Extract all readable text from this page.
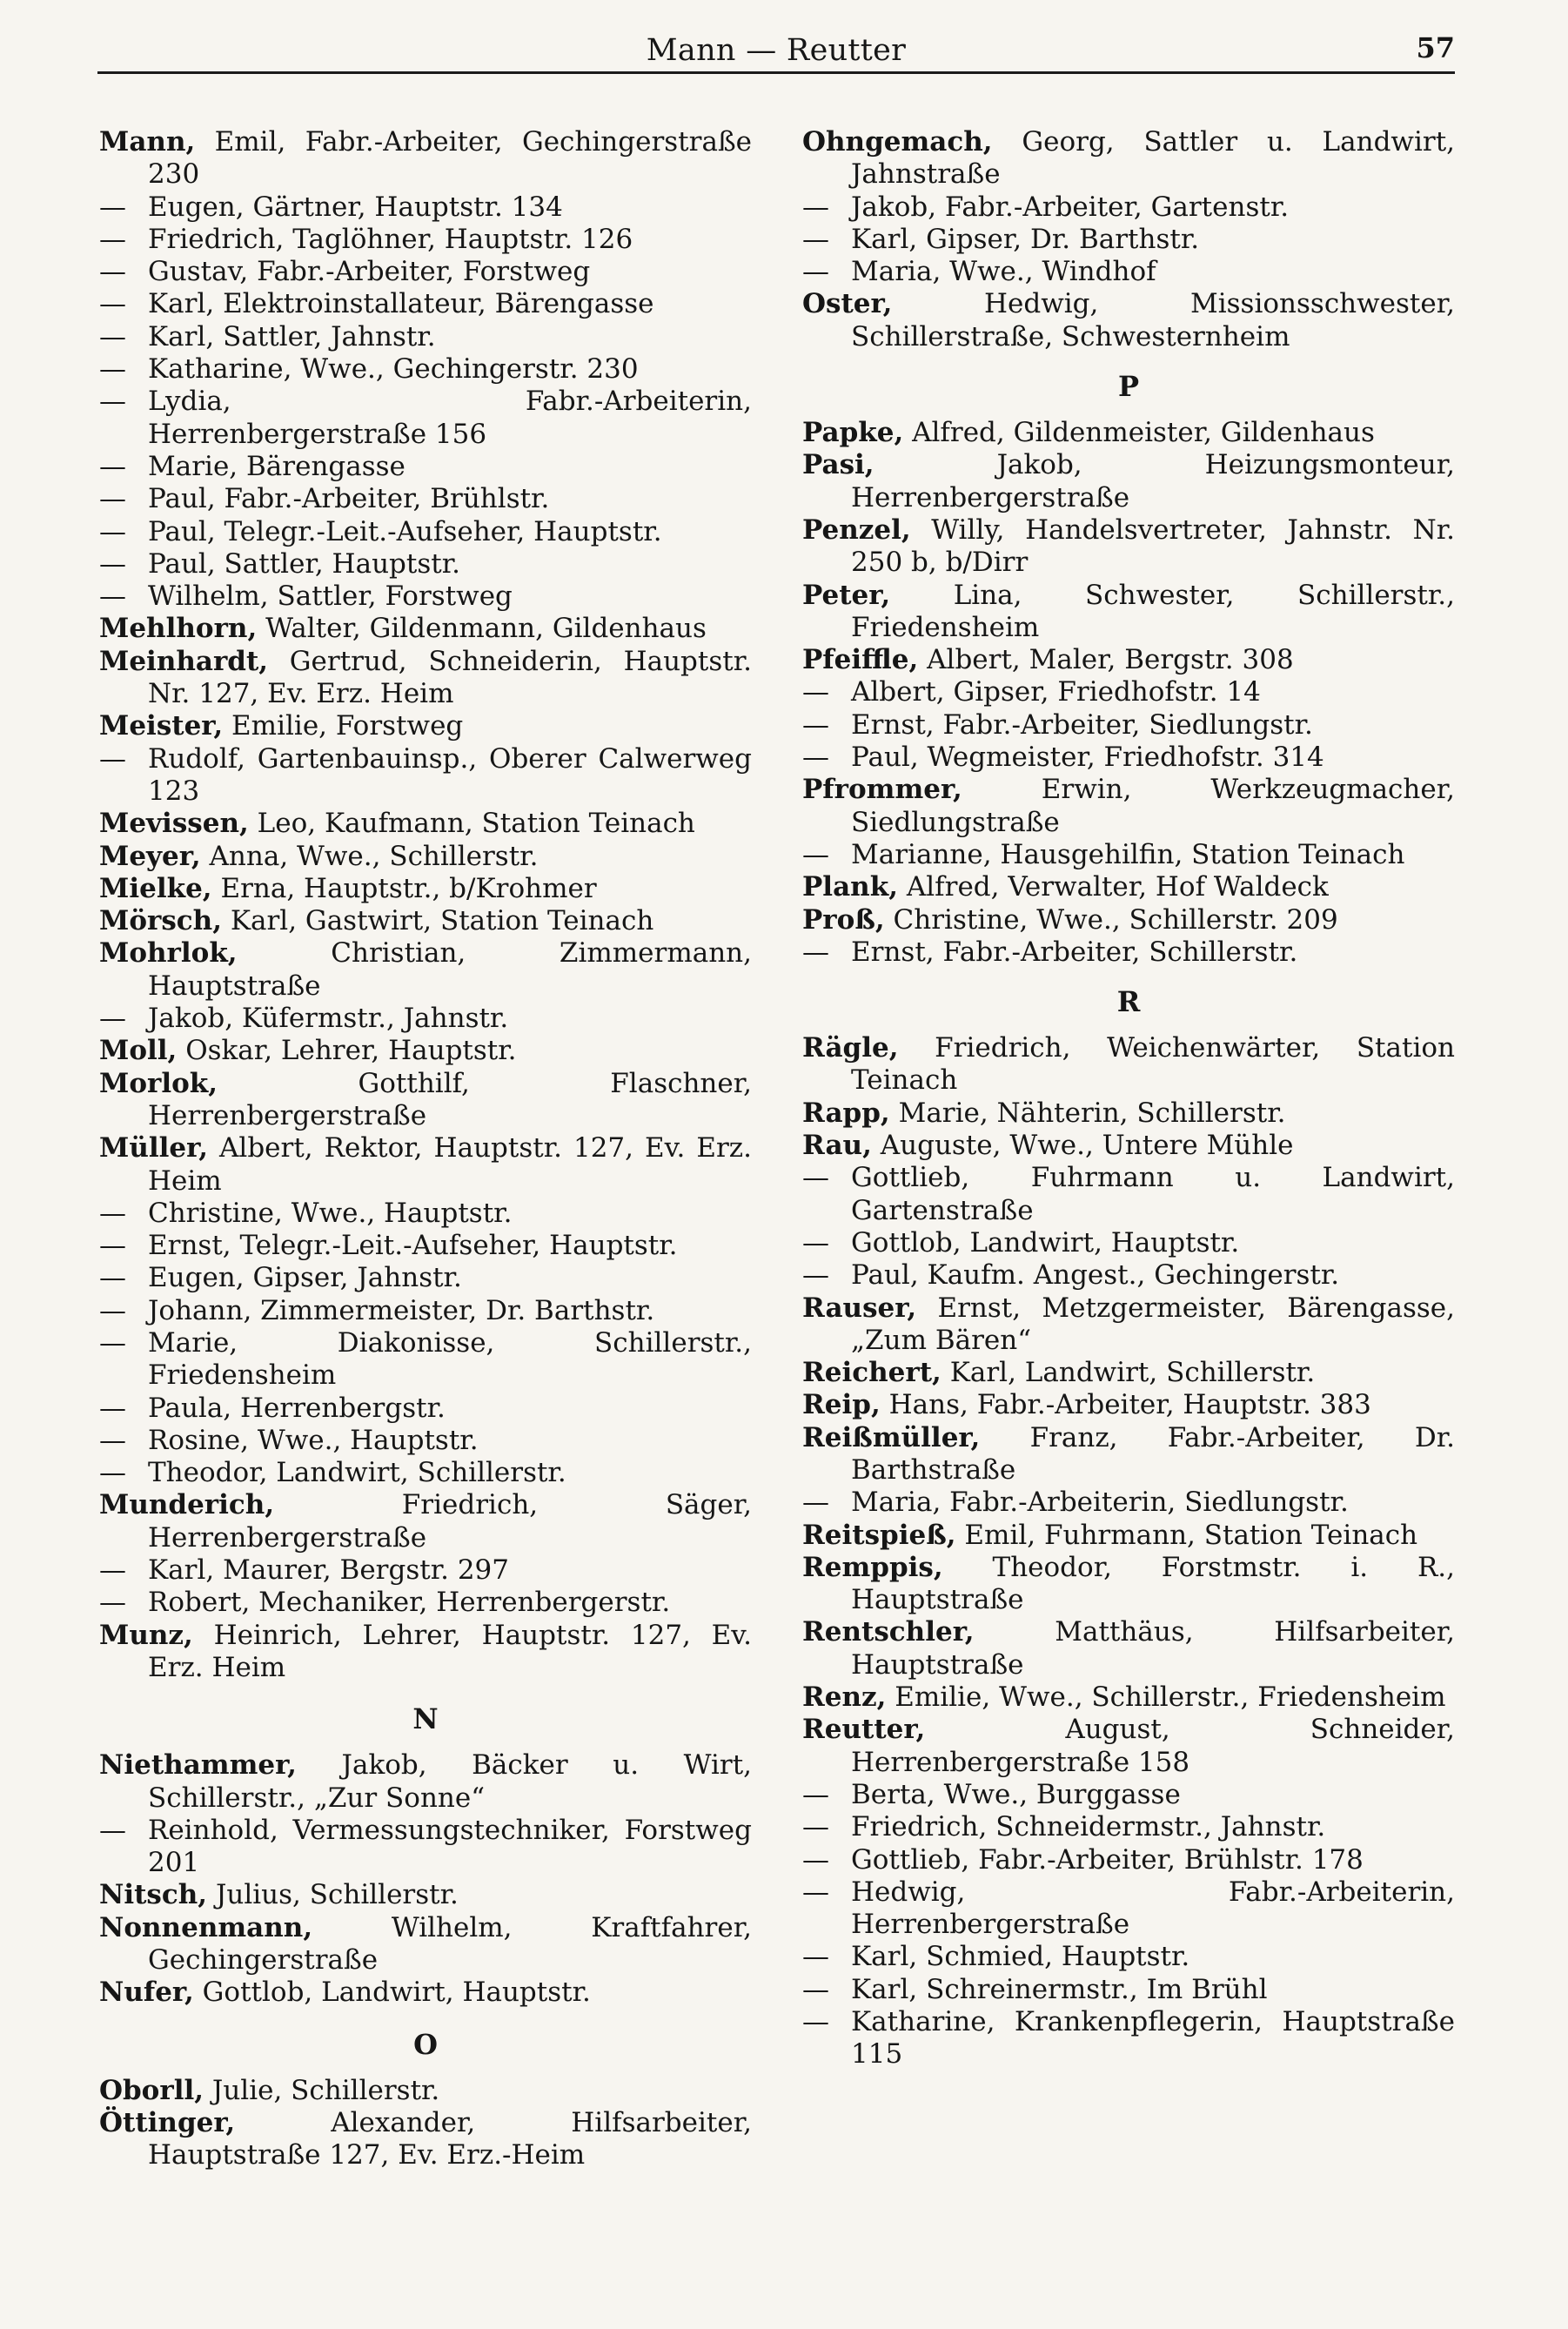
Mann — Reutter	57
Mann, Emil, Fabr.-Arbeiter, Gechingerstraße 230
— Eugen, Gärtner, Hauptstr. 134
— Friedrich, Taglöhner, Hauptstr. 126
— Gustav, Fabr.-Arbeiter, Forstweg
— Karl, Elektroinstallateur, Bärengasse
— Karl, Sattler, Jahnstr.
— Katharine, Wwe., Gechingerstr. 230
— Lydia, Fabr.-Arbeiterin, Herrenbergerstraße 156
— Marie, Bärengasse
— Paul, Fabr.-Arbeiter, Brühlstr.
— Paul, Telegr.-Leit.-Aufseher, Hauptstr.
— Paul, Sattler, Hauptstr.
— Wilhelm, Sattler, Forstweg
Mehlhorn, Walter, Gildenmann, Gildenhaus
Meinhardt, Gertrud, Schneiderin, Hauptstr. Nr. 127, Ev. Erz. Heim
Meister, Emilie, Forstweg
— Rudolf, Gartenbauinsp., Oberer Calwerweg 123
Mevissen, Leo, Kaufmann, Station Teinach
Meyer, Anna, Wwe., Schillerstr.
Mielke, Erna, Hauptstr., b/Krohmer
Mörsch, Karl, Gastwirt, Station Teinach
Mohrlok,	Christian, Zimmermann, Hauptstraße
— Jakob, Küfermstr., Jahnstr.
Moll, Oskar, Lehrer, Hauptstr.
Morlok,	Gotthilf, Flaschner, Herrenbergerstraße
Müller, Albert, Rektor, Hauptstr. 127, Ev. Erz. Heim
— Christine, Wwe., Hauptstr.
— Ernst, Telegr.-Leit.-Aufseher, Hauptstr.
— Eugen, Gipser, Jahnstr.
— Johann, Zimmermeister, Dr. Barthstr.
— Marie, Diakonisse, Schillerstr., Friedensheim
— Paula, Herrenbergstr.
— Rosine, Wwe., Hauptstr.
— Theodor, Landwirt, Schillerstr.
Munderich,	Friedrich, Säger, Herrenbergerstraße
— Karl, Maurer, Bergstr. 297
— Robert, Mechaniker, Herrenbergerstr.
Munz, Heinrich, Lehrer, Hauptstr. 127, Ev. Erz. Heim
N
Niethammer, Jakob, Bäcker u. Wirt, Schillerstr., „Zur Sonne“
— Reinhold, Vermessungstechniker, Forstweg 201
Nitsch, Julius, Schillerstr.
Nonnenmann,	Wilhelm, Kraftfahrer, Gechingerstraße
Nufer, Gottlob, Landwirt, Hauptstr.
O
Oborll, Julie, Schillerstr.
Öttinger,	Alexander, Hilfsarbeiter, Hauptstraße 127, Ev. Erz.-Heim
Ohngemach, Georg, Sattler u. Landwirt, Jahnstraße
— Jakob, Fabr.-Arbeiter, Gartenstr.
— Karl, Gipser, Dr. Barthstr.
— Maria, Wwe., Windhof
Oster,	Hedwig, Missionsschwester, Schillerstraße, Schwesternheim
P
Papke, Alfred, Gildenmeister, Gildenhaus
Pasi,	Jakob, Heizungsmonteur, Herrenbergerstraße
Penzel, Willy, Handelsvertreter, Jahnstr. Nr. 250 b, b/Dirr
Peter, Lina, Schwester, Schillerstr., Friedensheim
Pfeiffle, Albert, Maler, Bergstr. 308
— Albert, Gipser, Friedhofstr. 14
— Ernst, Fabr.-Arbeiter, Siedlungstr.
— Paul, Wegmeister, Friedhofstr. 314
Pfrommer,	Erwin, Werkzeugmacher, Siedlungstraße
— Marianne, Hausgehilfin, Station Teinach
Plank, Alfred, Verwalter, Hof Waldeck
Proß, Christine, Wwe., Schillerstr. 209
— Ernst, Fabr.-Arbeiter, Schillerstr.
R
Rägle, Friedrich, Weichenwärter, Station Teinach
Rapp, Marie, Nähterin, Schillerstr.
Rau, Auguste, Wwe., Untere Mühle
— Gottlieb, Fuhrmann u. Landwirt, Gartenstraße
— Gottlob, Landwirt, Hauptstr.
— Paul, Kaufm. Angest., Gechingerstr.
Rauser, Ernst, Metzgermeister, Bärengasse, „Zum Bären“
Reichert, Karl, Landwirt, Schillerstr.
Reip, Hans, Fabr.-Arbeiter, Hauptstr. 383
Reißmüller, Franz, Fabr.-Arbeiter, Dr. Barthstraße
— Maria, Fabr.-Arbeiterin, Siedlungstr.
Reitspieß, Emil, Fuhrmann, Station Teinach
Remppis, Theodor, Forstmstr. i. R., Hauptstraße
Rentschler,	Matthäus, Hilfsarbeiter, Hauptstraße
Renz, Emilie, Wwe., Schillerstr., Friedensheim
Reutter,	August, Schneider, Herrenbergerstraße 158
— Berta, Wwe., Burggasse
— Friedrich, Schneidermstr., Jahnstr.
— Gottlieb, Fabr.-Arbeiter, Brühlstr. 178
— Hedwig, Fabr.-Arbeiterin, Herrenbergerstraße
— Karl, Schmied, Hauptstr.
— Karl, Schreinermstr., Im Brühl
— Katharine, Krankenpflegerin, Hauptstraße 115
